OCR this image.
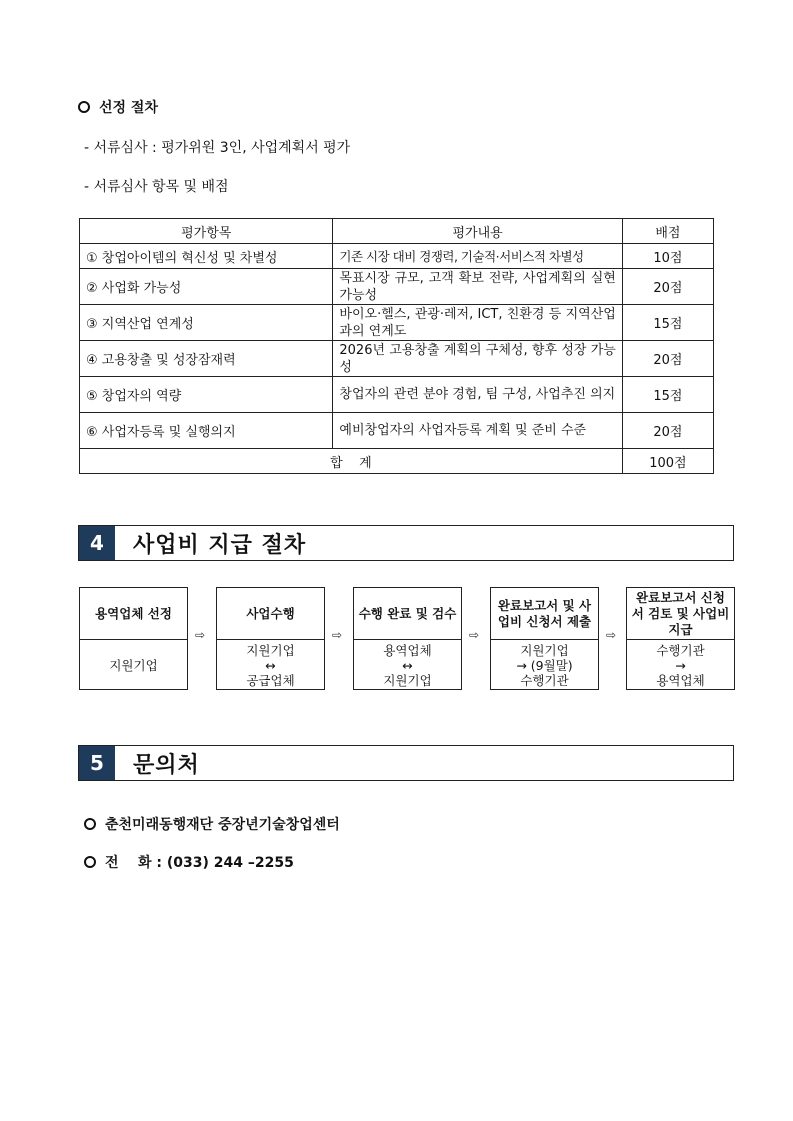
선정 절차
- 서류심사 : 평가위원 3인, 사업계획서 평가
- 서류심사 항목 및 배점
평가항목	평가내용	배점
① 창업아이템의 혁신성 및 차별성	기존 시장 대비 경쟁력, 기술적·서비스적 차별성	10점
② 사업화 가능성	목표시장 규모, 고객 확보 전략, 사업계획의 실현 가능성	20점
③ 지역산업 연계성	바이오·헬스, 관광·레저, ICT, 친환경 등 지역산업과의 연계도	15점
④ 고용창출 및 성장잠재력	2026년 고용창출 계획의 구체성, 향후 성장 가능성	20점
⑤ 창업자의 역량	창업자의 관련 분야 경험, 팀 구성, 사업추진 의지	15점
⑥ 사업자등록 및 실행의지	예비창업자의 사업자등록 계획 및 준비 수준	20점
합    계		100점
4	사업비 지급 절차
용역업체 선정
지원기업
⇨
사업수행
지원기업
↔
공급업체
⇨
수행 완료 및 검수
용역업체
↔
지원기업
⇨
완료보고서 및 사업비 신청서 제출
지원기업
→ (9월말)
수행기관
⇨
완료보고서 신청서 검토 및 사업비 지급
수행기관
→
용역업체
5	문의처
춘천미래동행재단 중장년기술창업센터
전    화 : (033) 244 –2255
